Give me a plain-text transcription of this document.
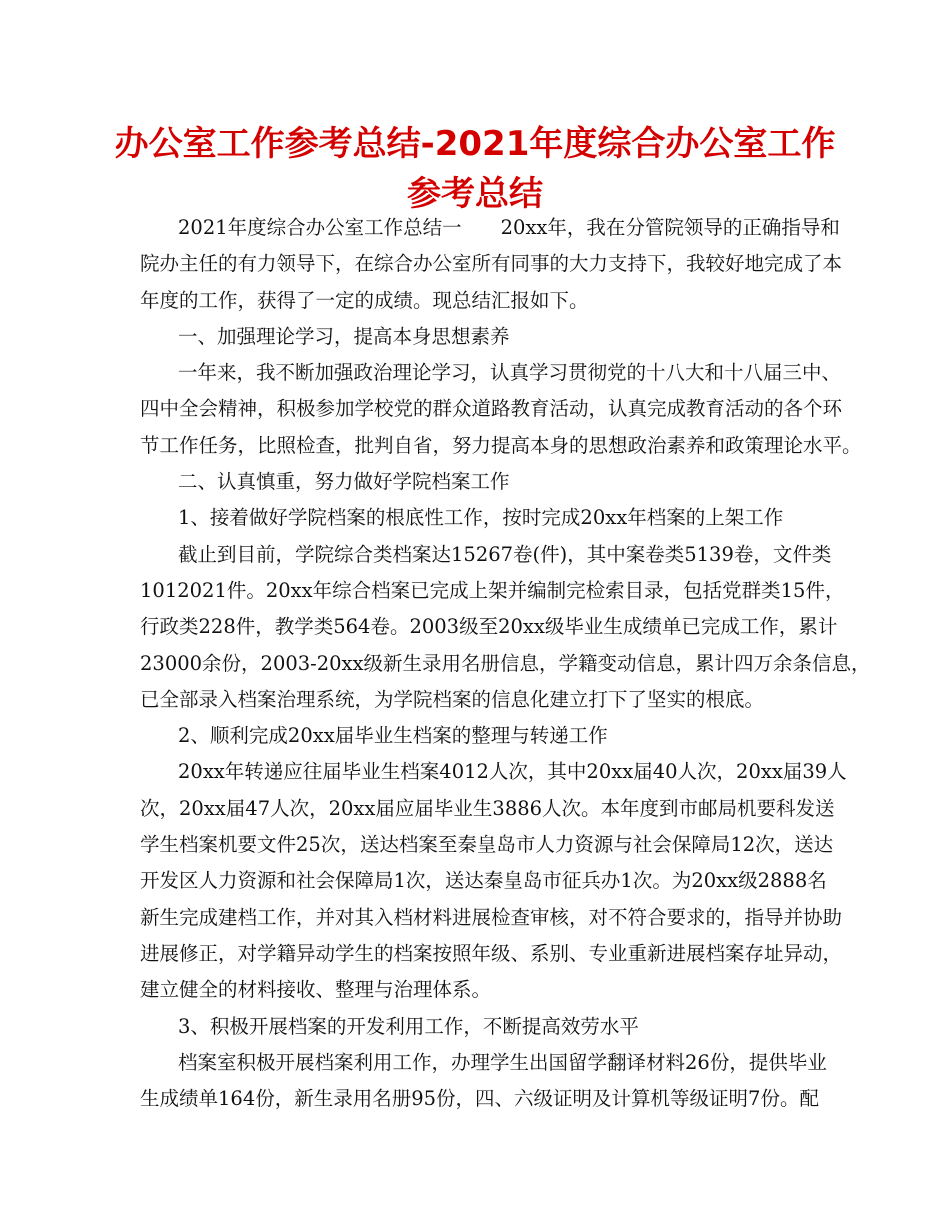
办公室工作参考总结-2021年度综合办公室工作
参考总结
2021年度综合办公室工作总结一　　20xx年，我在分管院领导的正确指导和
院办主任的有力领导下，在综合办公室所有同事的大力支持下，我较好地完成了本
年度的工作，获得了一定的成绩。现总结汇报如下。
一、加强理论学习，提高本身思想素养
一年来，我不断加强政治理论学习，认真学习贯彻党的十八大和十八届三中、
四中全会精神，积极参加学校党的群众道路教育活动，认真完成教育活动的各个环
节工作任务，比照检查，批判自省，努力提高本身的思想政治素养和政策理论水平。
二、认真慎重，努力做好学院档案工作
1、接着做好学院档案的根底性工作，按时完成20xx年档案的上架工作
截止到目前，学院综合类档案达15267卷(件)，其中案卷类5139卷，文件类
1012021件。20xx年综合档案已完成上架并编制完检索目录，包括党群类15件，
行政类228件，教学类564卷。2003级至20xx级毕业生成绩单已完成工作，累计
23000余份，2003-20xx级新生录用名册信息，学籍变动信息，累计四万余条信息，
已全部录入档案治理系统，为学院档案的信息化建立打下了坚实的根底。
2、顺利完成20xx届毕业生档案的整理与转递工作
20xx年转递应往届毕业生档案4012人次，其中20xx届40人次，20xx届39人
次，20xx届47人次，20xx届应届毕业生3886人次。本年度到市邮局机要科发送
学生档案机要文件25次，送达档案至秦皇岛市人力资源与社会保障局12次，送达
开发区人力资源和社会保障局1次，送达秦皇岛市征兵办1次。为20xx级2888名
新生完成建档工作，并对其入档材料进展检查审核，对不符合要求的，指导并协助
进展修正，对学籍异动学生的档案按照年级、系别、专业重新进展档案存址异动，
建立健全的材料接收、整理与治理体系。
3、积极开展档案的开发利用工作，不断提高效劳水平
档案室积极开展档案利用工作，办理学生出国留学翻译材料26份，提供毕业
生成绩单164份，新生录用名册95份，四、六级证明及计算机等级证明7份。配
